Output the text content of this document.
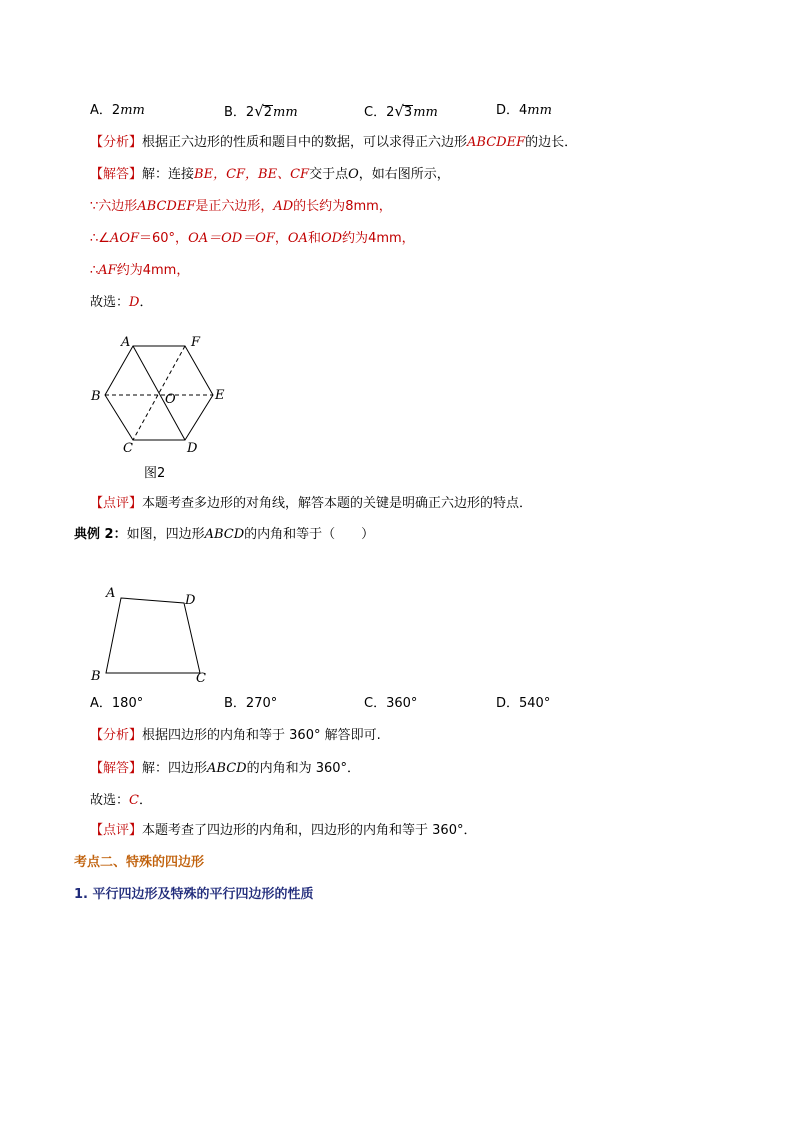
A．2mm	B．2√2mm	C．2√3mm	D．4mm
【分析】根据正六边形的性质和题目中的数据，可以求得正六边形ABCDEF的边长．
【解答】解：连接BE，CF，BE、CF交于点O，如右图所示，
∵六边形ABCDEF是正六边形，AD的长约为8mm，
∴∠AOF＝60°，OA＝OD＝OF，OA和OD约为4mm，
∴AF约为4mm，
故选：D．
A	F
B	O	E
C	D
图2
【点评】本题考查多边形的对角线，解答本题的关键是明确正六边形的特点．
典例 2：如图，四边形ABCD的内角和等于（　　）
A	D
B	C
A．180°	B．270°	C．360°	D．540°
【分析】根据四边形的内角和等于 360° 解答即可.
【解答】解：四边形ABCD的内角和为 360°．
故选：C．
【点评】本题考查了四边形的内角和，四边形的内角和等于 360°．
考点二、特殊的四边形
1. 平行四边形及特殊的平行四边形的性质
